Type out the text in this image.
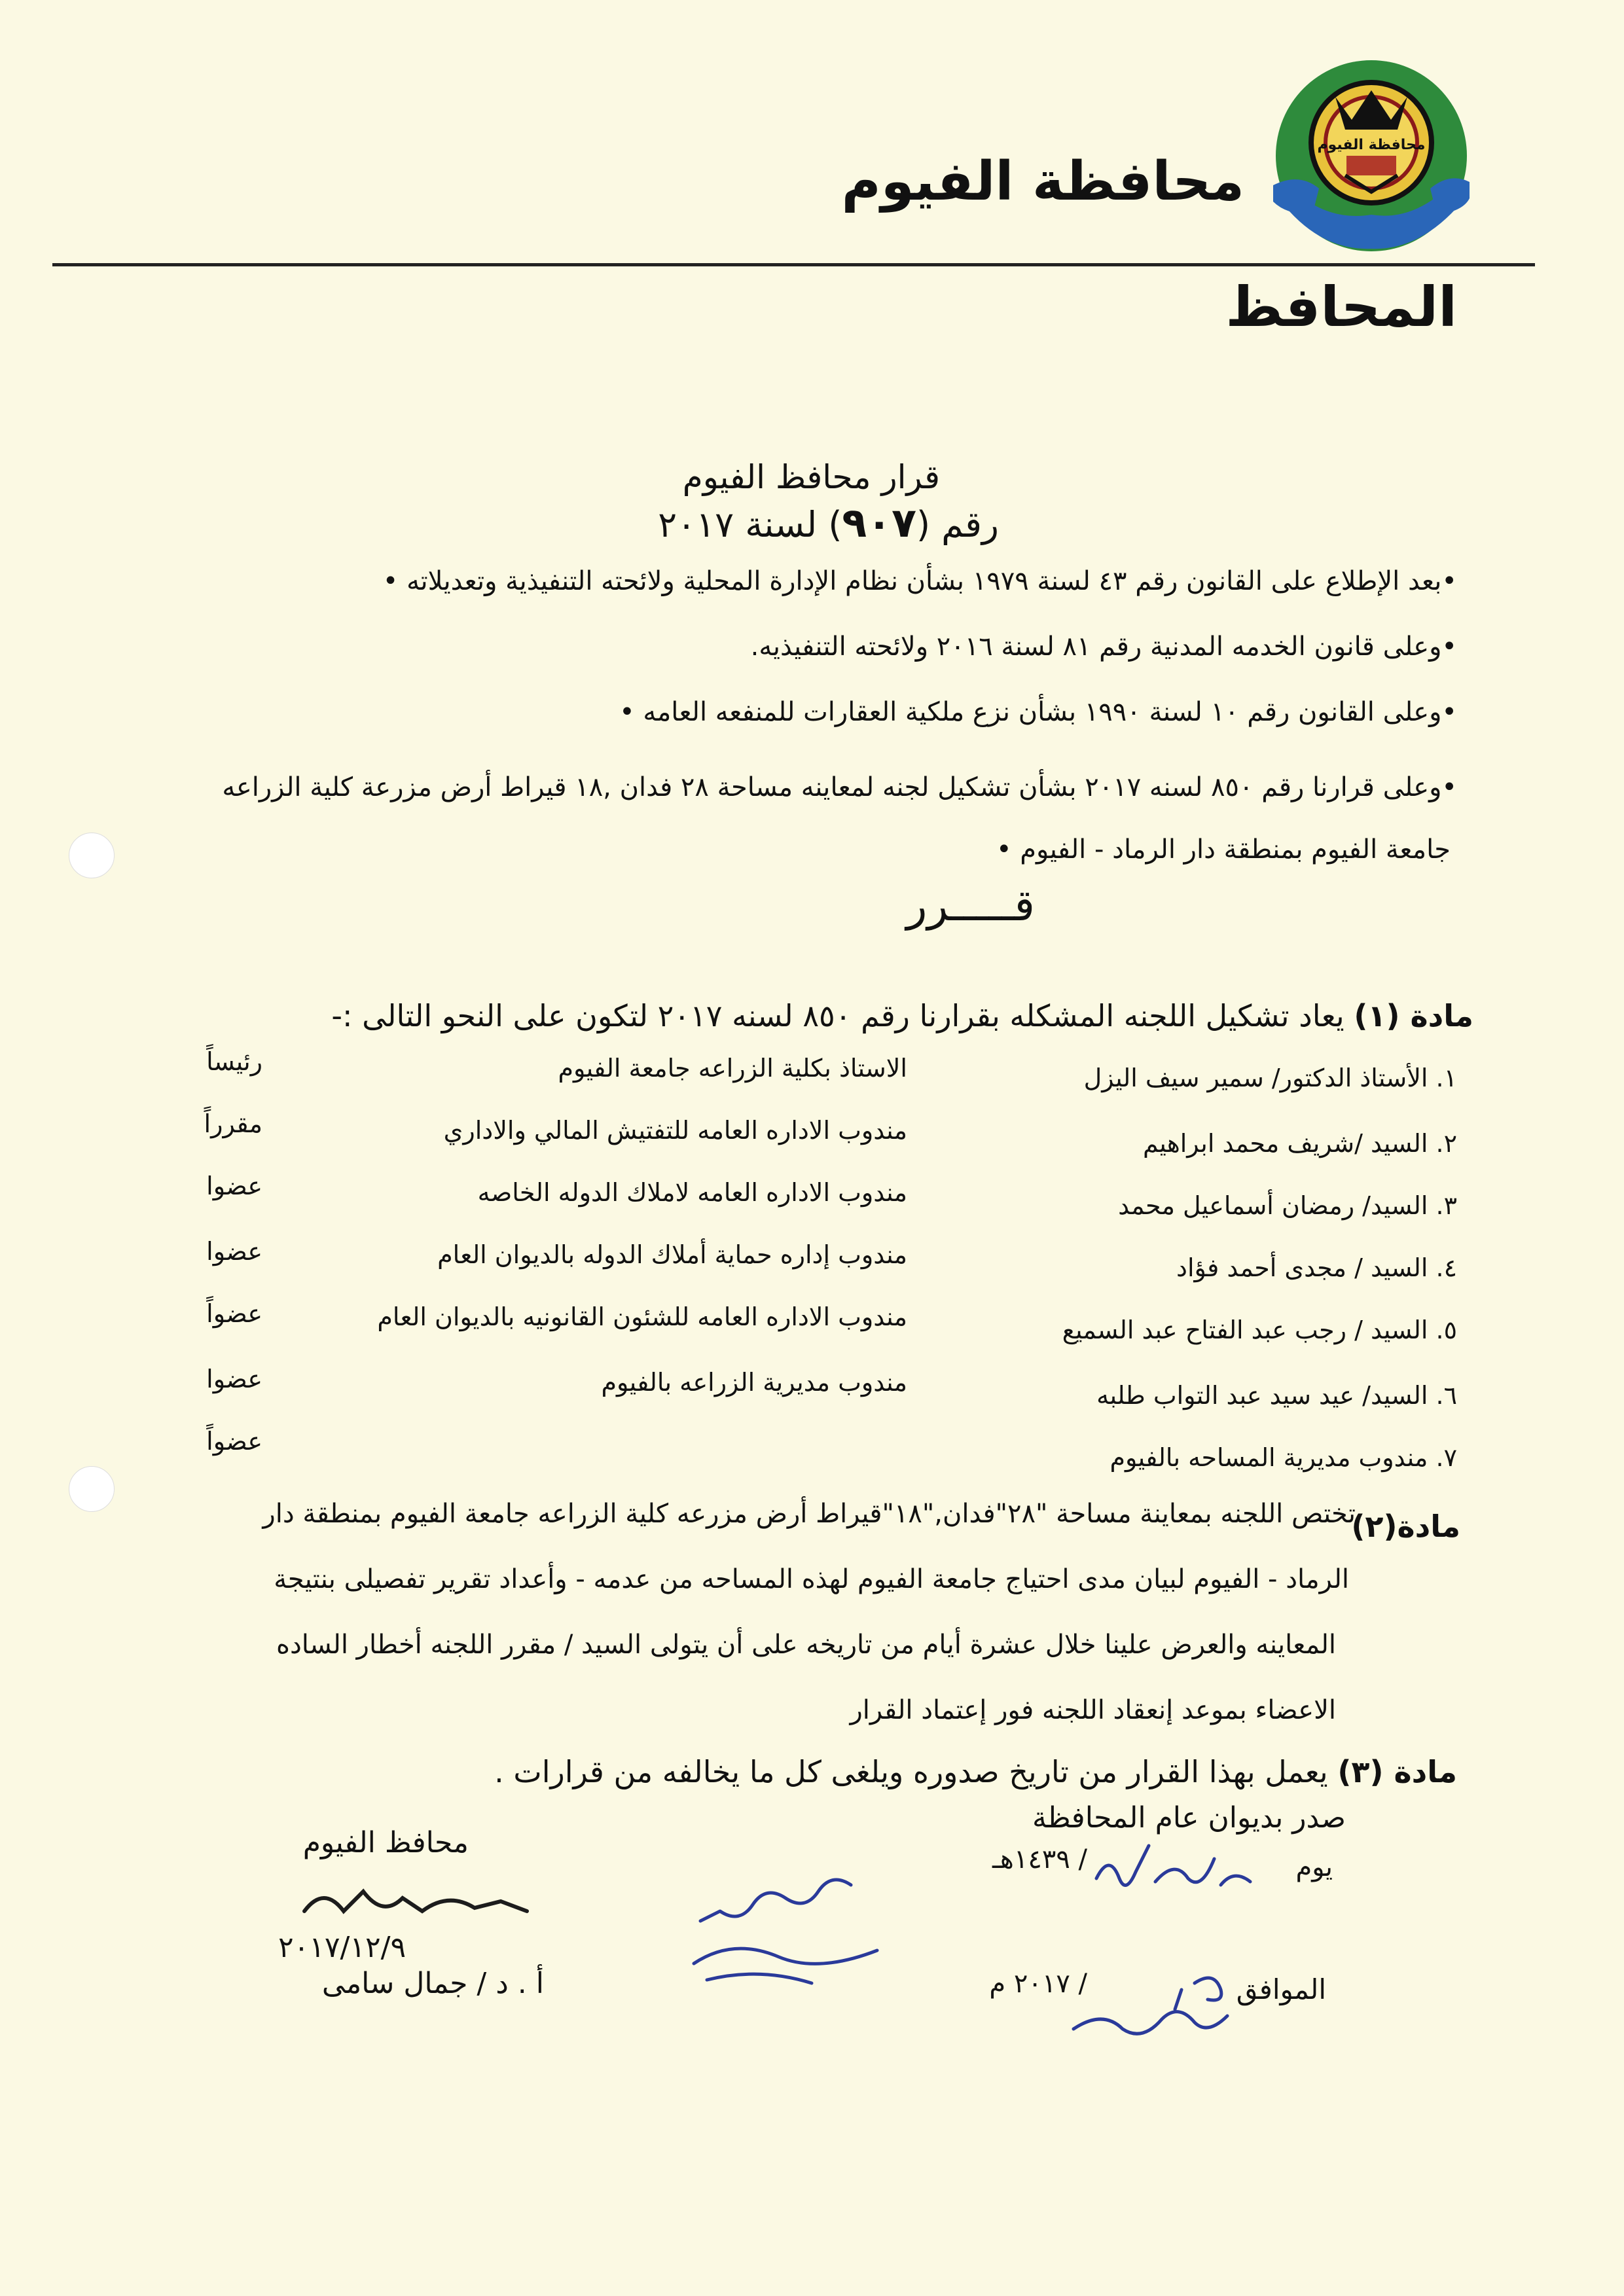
محافظة الفيوم
محافظة الفيوم
المحافظ
قرار محافظ الفيوم
رقم (٩٠٧) لسنة ٢٠١٧

•بعد الإطلاع على القانون رقم ٤٣ لسنة ١٩٧٩ بشأن نظام الإدارة المحلية ولائحته التنفيذية وتعديلاته •

•وعلى قانون الخدمه المدنية رقم ٨١ لسنة ٢٠١٦ ولائحته التنفيذيه.

•وعلى القانون رقم ١٠ لسنة ١٩٩٠ بشأن نزع ملكية العقارات للمنفعه العامه •

•وعلى قرارنا رقم ٨٥٠ لسنه ٢٠١٧ بشأن تشكيل لجنه لمعاينه مساحة ٢٨ فدان ,١٨ قيراط أرض مزرعة كلية الزراعه

جامعة الفيوم بمنطقة دار الرماد - الفيوم •

قـــــرر
مادة (١) يعاد تشكيل اللجنه المشكله بقرارنا رقم ٨٥٠ لسنه ٢٠١٧ لتكون على النحو التالى :-
١. الأستاذ الدكتور/ سمير سيف اليزل
الاستاذ بكلية الزراعه جامعة الفيوم
رئيساً
٢. السيد /شريف محمد ابراهيم
مندوب الاداره العامه للتفتيش المالي والاداري
مقرراً
٣. السيد/ رمضان أسماعيل محمد
مندوب الاداره العامه لاملاك الدوله الخاصه
عضوا
٤. السيد / مجدى أحمد فؤاد
مندوب إداره حماية أملاك الدوله بالديوان العام
عضوا
٥. السيد / رجب عبد الفتاح عبد السميع
مندوب الاداره العامه للشئون القانونيه بالديوان العام
عضواً
٦. السيد/ عيد سيد عبد التواب طلبه
مندوب مديرية الزراعه بالفيوم
عضوا
٧. مندوب مديرية المساحه بالفيوم
عضواً
مادة(٢)
تختص اللجنه بمعاينة مساحة "٢٨"فدان,"١٨"قيراط أرض مزرعه كلية الزراعه جامعة الفيوم بمنطقة دار
الرماد - الفيوم لبيان مدى احتياج جامعة الفيوم لهذه المساحه من عدمه - وأعداد تقرير تفصيلى بنتيجة
المعاينه والعرض علينا خلال عشرة أيام من تاريخه على أن يتولى السيد / مقرر اللجنه أخطار الساده
الاعضاء بموعد إنعقاد اللجنه فور إعتماد القرار
مادة (٣) يعمل بهذا القرار من تاريخ صدوره ويلغى كل ما يخالفه من قرارات .
صدر بديوان عام المحافظة
يوم
/ ١٤٣٩هـ
الموافق
/ ٢٠١٧ م
محافظ الفيوم
٢٠١٧/١٢/٩
أ . د / جمال سامى
